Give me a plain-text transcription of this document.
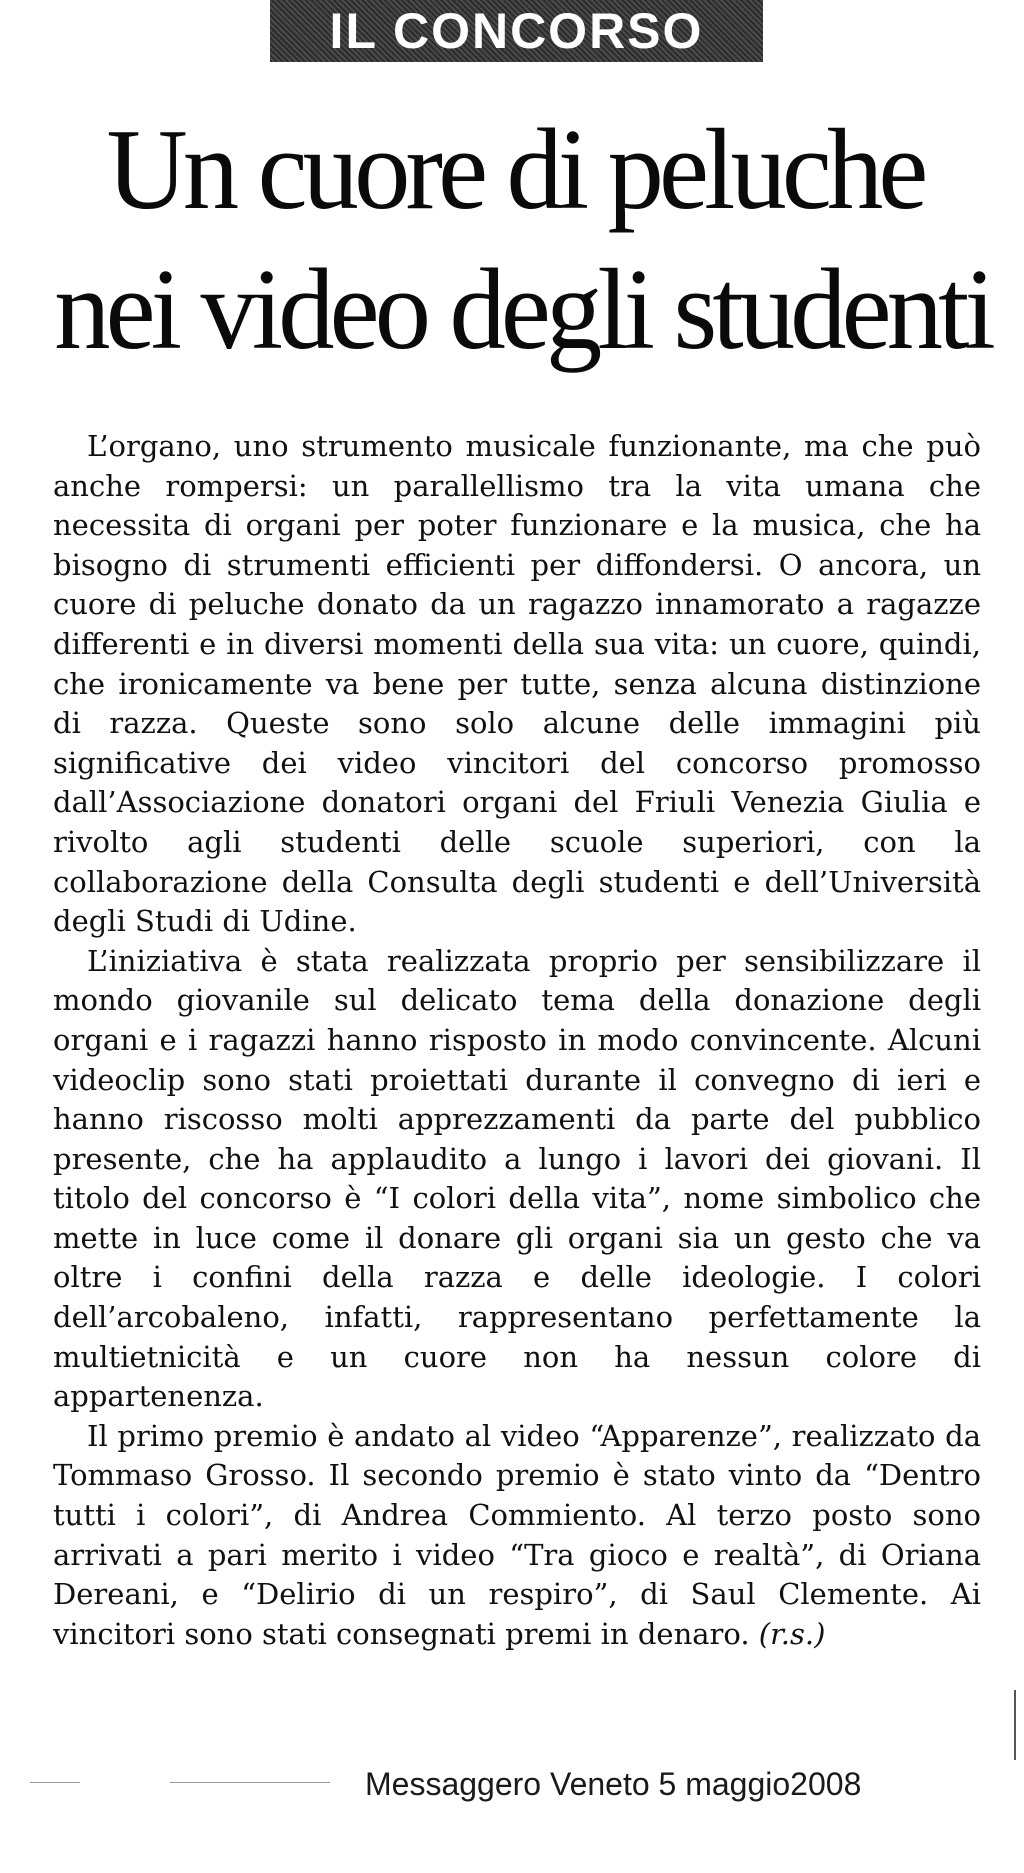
IL CONCORSO
Un cuore di peluche
nei video degli studenti

L’organo, uno strumento musicale funzionante, ma che può anche rompersi: un parallellismo tra la vita umana che necessita di organi per poter funzionare e la musica, che ha bisogno di strumenti efficienti per diffondersi. O ancora, un cuore di peluche donato da un ragazzo innamorato a ragazze differenti e in diversi momenti della sua vita: un cuore, quindi, che ironicamente va bene per tutte, senza alcuna distinzione di razza. Queste sono solo alcune delle immagini più significative dei video vincitori del concorso promosso dall’Associazione donatori organi del Friuli Venezia Giulia e rivolto agli studenti delle scuole superiori, con la collaborazione della Consulta degli studenti e dell’Università degli Studi di Udine.

L’iniziativa è stata realizzata proprio per sensibilizzare il mondo giovanile sul delicato tema della donazione degli organi e i ragazzi hanno risposto in modo convincente. Alcuni videoclip sono stati proiettati durante il convegno di ieri e hanno riscosso molti apprezzamenti da parte del pubblico presente, che ha applaudito a lungo i lavori dei giovani. Il titolo del concorso è “I colori della vita”, nome simbolico che mette in luce come il donare gli organi sia un gesto che va oltre i confini della razza e delle ideologie. I colori dell’arcobaleno, infatti, rappresentano perfettamente la multietnicità e un cuore non ha nessun colore di appartenenza.

Il primo premio è andato al video “Apparenze”, realizzato da Tommaso Grosso. Il secondo premio è stato vinto da “Dentro tutti i colori”, di Andrea Commiento. Al terzo posto sono arrivati a pari merito i video “Tra gioco e realtà”, di Oriana Dereani, e “Delirio di un respiro”, di Saul Clemente. Ai vincitori sono stati consegnati premi in denaro. (r.s.)

Messaggero Veneto 5 maggio2008
